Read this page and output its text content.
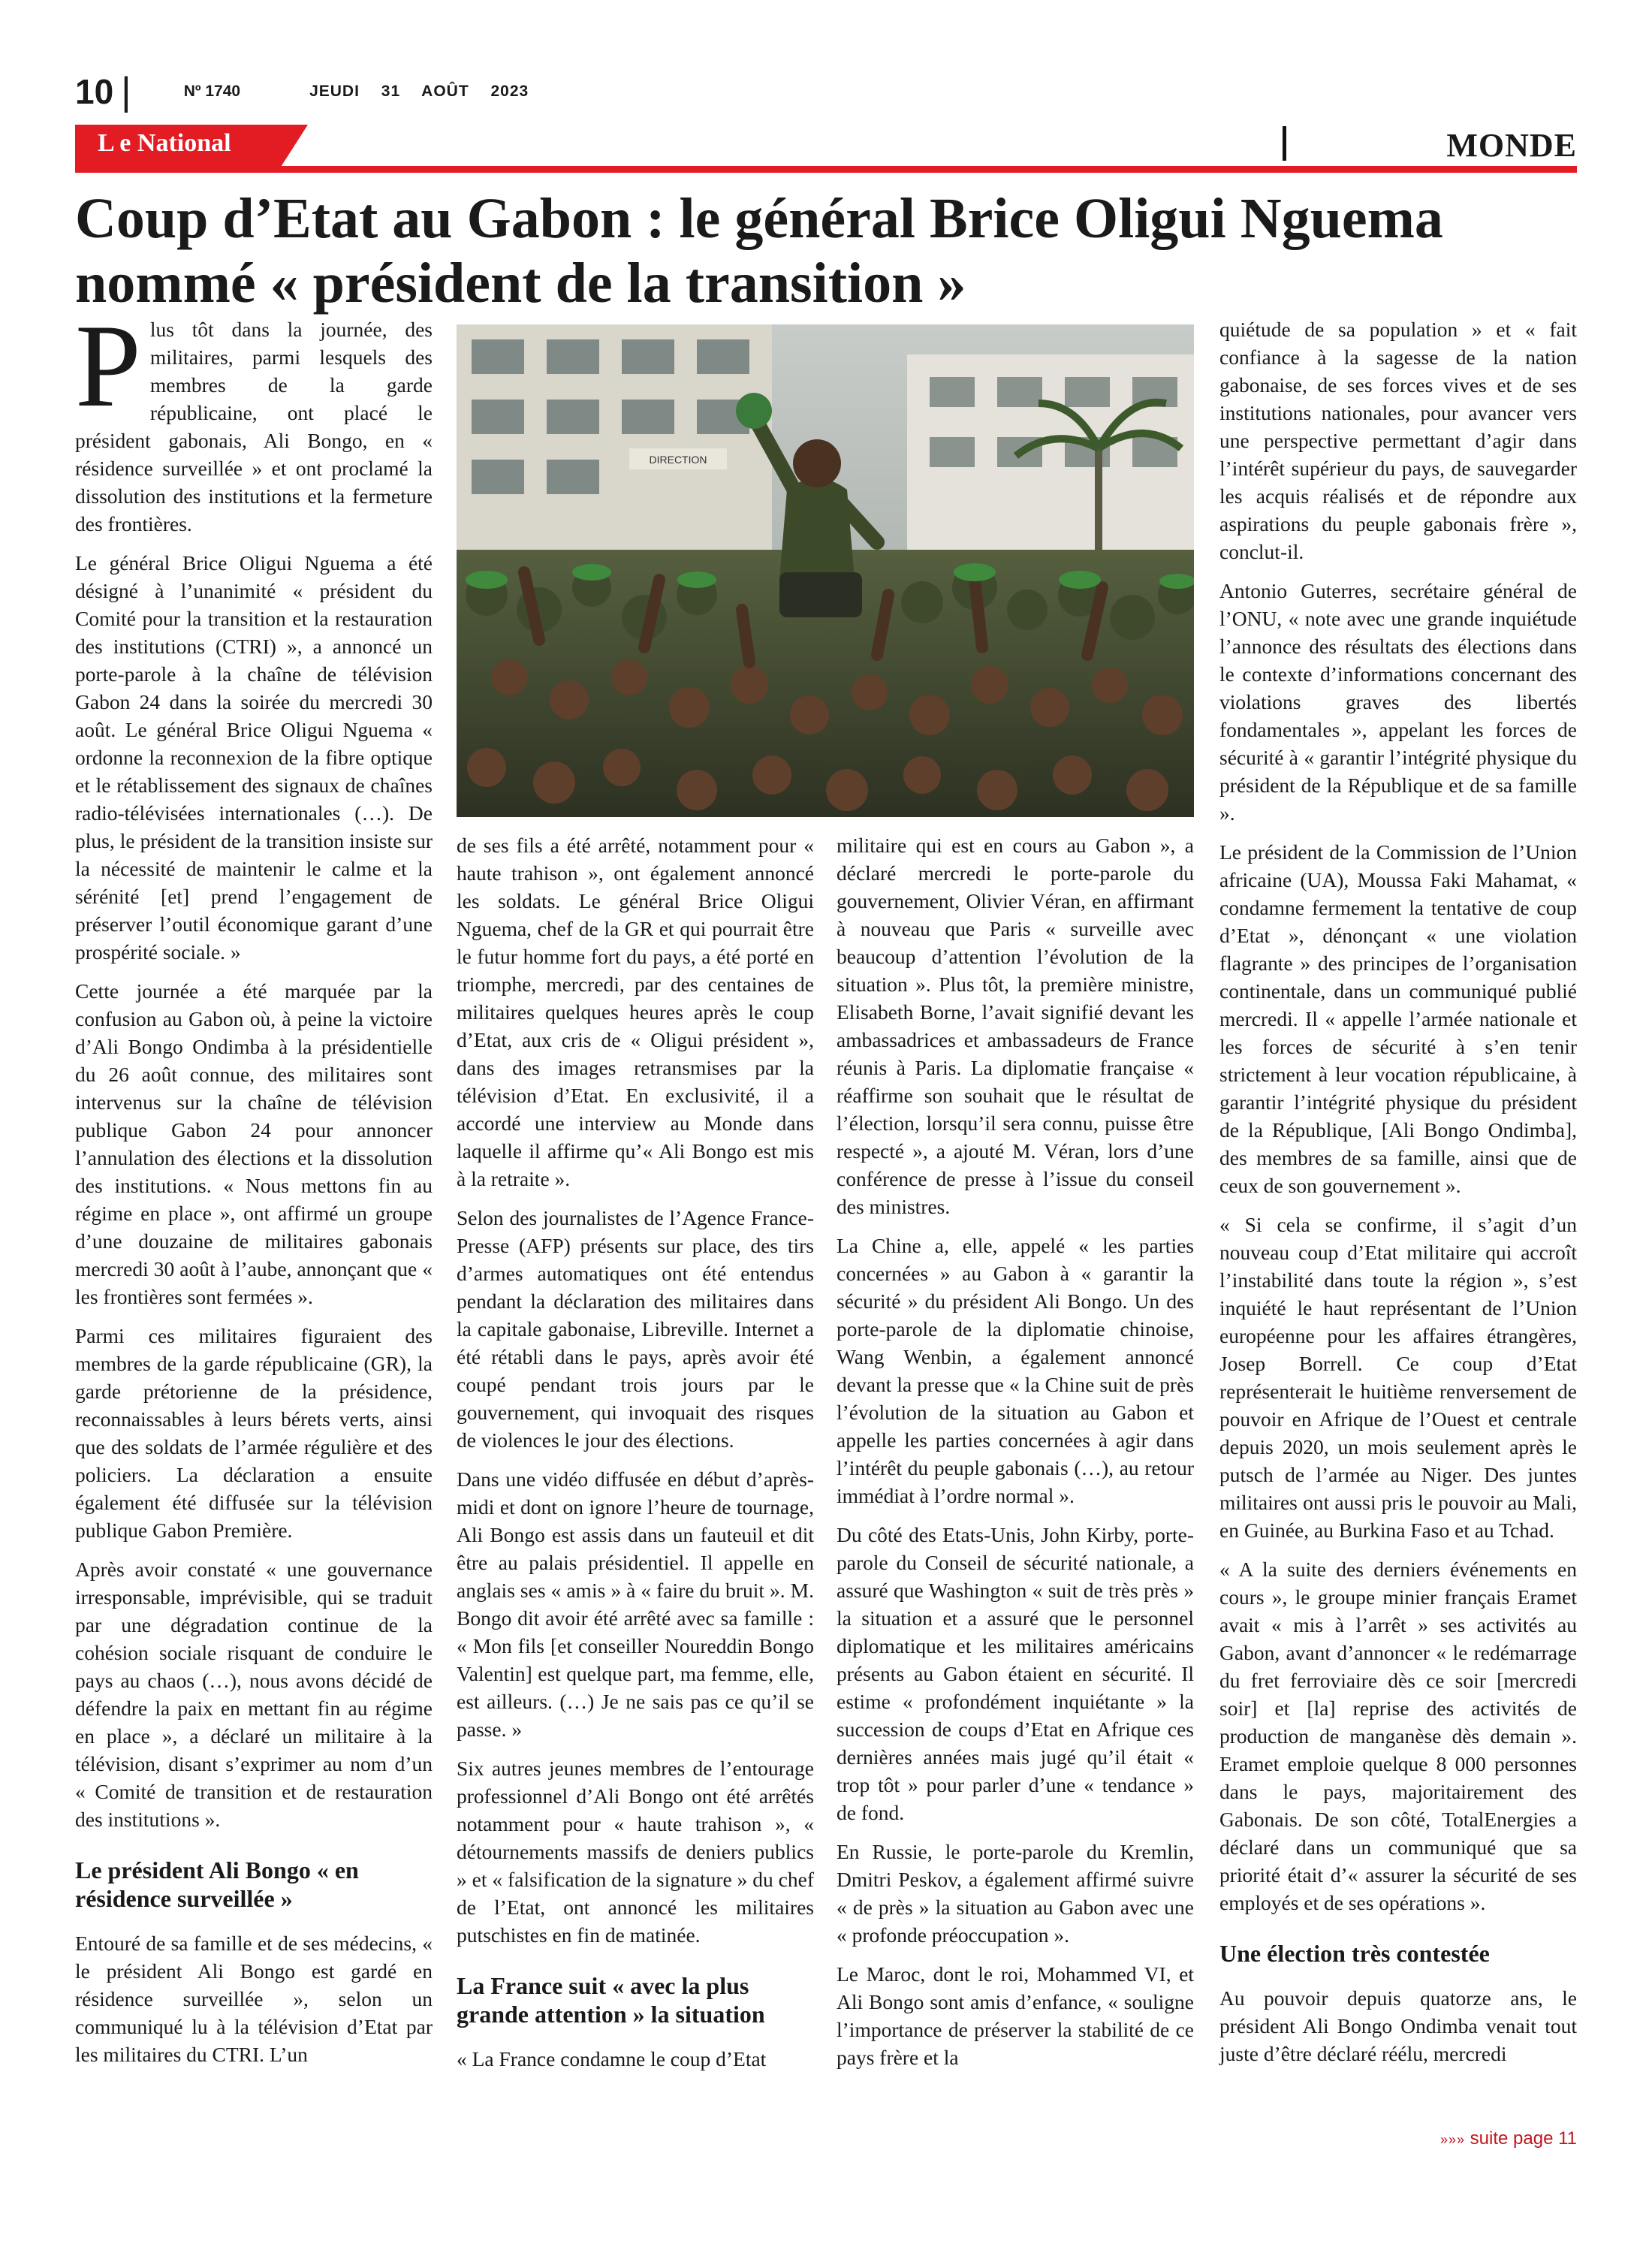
10 |	Nº 1740	JEUDI 31 AOÛT 2023
L e National	MONDE
Coup d’Etat au Gabon : le général Brice Oligui Nguema nommé « président de la transition »

Plus tôt dans la journée, des militaires, parmi lesquels des membres de la garde républicaine, ont placé le président gabonais, Ali Bongo, en « résidence surveillée » et ont proclamé la dissolution des institutions et la fermeture des frontières.

Le général Brice Oligui Nguema a été désigné à l’unanimité « président du Comité pour la transition et la restauration des institutions (CTRI) », a annoncé un porte-parole à la chaîne de télévision Gabon 24 dans la soirée du mercredi 30 août. Le général Brice Oligui Nguema « ordonne la reconnexion de la fibre optique et le rétablissement des signaux de chaînes radio-télévisées internationales (…). De plus, le président de la transition insiste sur la nécessité de maintenir le calme et la sérénité [et] prend l’engagement de préserver l’outil économique garant d’une prospérité sociale. »

Cette journée a été marquée par la confusion au Gabon où, à peine la victoire d’Ali Bongo Ondimba à la présidentielle du 26 août connue, des militaires sont intervenus sur la chaîne de télévision publique Gabon 24 pour annoncer l’annulation des élections et la dissolution des institutions. « Nous mettons fin au régime en place », ont affirmé un groupe d’une douzaine de militaires gabonais mercredi 30 août à l’aube, annonçant que « les frontières sont fermées ».

Parmi ces militaires figuraient des membres de la garde républicaine (GR), la garde prétorienne de la présidence, reconnaissables à leurs bérets verts, ainsi que des soldats de l’armée régulière et des policiers. La déclaration a ensuite également été diffusée sur la télévision publique Gabon Première.

Après avoir constaté « une gouvernance irresponsable, imprévisible, qui se traduit par une dégradation continue de la cohésion sociale risquant de conduire le pays au chaos (…), nous avons décidé de défendre la paix en mettant fin au régime en place », a déclaré un militaire à la télévision, disant s’exprimer au nom d’un « Comité de transition et de restauration des institutions ».

Le président Ali Bongo « en résidence surveillée »

Entouré de sa famille et de ses médecins, « le président Ali Bongo est gardé en résidence surveillée », selon un communiqué lu à la télévision d’Etat par les militaires du CTRI. L’un

DIRECTION

de ses fils a été arrêté, notamment pour « haute trahison », ont également annoncé les soldats. Le général Brice Oligui Nguema, chef de la GR et qui pourrait être le futur homme fort du pays, a été porté en triomphe, mercredi, par des centaines de militaires quelques heures après le coup d’Etat, aux cris de « Oligui président », dans des images retransmises par la télévision d’Etat. En exclusivité, il a accordé une interview au Monde dans laquelle il affirme qu’« Ali Bongo est mis à la retraite ».

Selon des journalistes de l’Agence France-Presse (AFP) présents sur place, des tirs d’armes automatiques ont été entendus pendant la déclaration des militaires dans la capitale gabonaise, Libreville. Internet a été rétabli dans le pays, après avoir été coupé pendant trois jours par le gouvernement, qui invoquait des risques de violences le jour des élections.

Dans une vidéo diffusée en début d’après-midi et dont on ignore l’heure de tournage, Ali Bongo est assis dans un fauteuil et dit être au palais présidentiel. Il appelle en anglais ses « amis » à « faire du bruit ». M. Bongo dit avoir été arrêté avec sa famille : « Mon fils [et conseiller Noureddin Bongo Valentin] est quelque part, ma femme, elle, est ailleurs. (…) Je ne sais pas ce qu’il se passe. »

Six autres jeunes membres de l’entourage professionnel d’Ali Bongo ont été arrêtés notamment pour « haute trahison », « détournements massifs de deniers publics » et « falsification de la signature » du chef de l’Etat, ont annoncé les militaires putschistes en fin de matinée.

La France suit « avec la plus grande attention » la situation

« La France condamne le coup d’Etat

militaire qui est en cours au Gabon », a déclaré mercredi le porte-parole du gouvernement, Olivier Véran, en affirmant à nouveau que Paris « surveille avec beaucoup d’attention l’évolution de la situation ». Plus tôt, la première ministre, Elisabeth Borne, l’avait signifié devant les ambassadrices et ambassadeurs de France réunis à Paris. La diplomatie française « réaffirme son souhait que le résultat de l’élection, lorsqu’il sera connu, puisse être respecté », a ajouté M. Véran, lors d’une conférence de presse à l’issue du conseil des ministres.

La Chine a, elle, appelé « les parties concernées » au Gabon à « garantir la sécurité » du président Ali Bongo. Un des porte-parole de la diplomatie chinoise, Wang Wenbin, a également annoncé devant la presse que « la Chine suit de près l’évolution de la situation au Gabon et appelle les parties concernées à agir dans l’intérêt du peuple gabonais (…), au retour immédiat à l’ordre normal ».

Du côté des Etats-Unis, John Kirby, porte-parole du Conseil de sécurité nationale, a assuré que Washington « suit de très près » la situation et a assuré que le personnel diplomatique et les militaires américains présents au Gabon étaient en sécurité. Il estime « profondément inquiétante » la succession de coups d’Etat en Afrique ces dernières années mais jugé qu’il était « trop tôt » pour parler d’une « tendance » de fond.

En Russie, le porte-parole du Kremlin, Dmitri Peskov, a également affirmé suivre « de près » la situation au Gabon avec une « profonde préoccupation ».

Le Maroc, dont le roi, Mohammed VI, et Ali Bongo sont amis d’enfance, « souligne l’importance de préserver la stabilité de ce pays frère et la

quiétude de sa population » et « fait confiance à la sagesse de la nation gabonaise, de ses forces vives et de ses institutions nationales, pour avancer vers une perspective permettant d’agir dans l’intérêt supérieur du pays, de sauvegarder les acquis réalisés et de répondre aux aspirations du peuple gabonais frère », conclut-il.

Antonio Guterres, secrétaire général de l’ONU, « note avec une grande inquiétude l’annonce des résultats des élections dans le contexte d’informations concernant des violations graves des libertés fondamentales », appelant les forces de sécurité à « garantir l’intégrité physique du président de la République et de sa famille ».

Le président de la Commission de l’Union africaine (UA), Moussa Faki Mahamat, « condamne fermement la tentative de coup d’Etat », dénonçant « une violation flagrante » des principes de l’organisation continentale, dans un communiqué publié mercredi. Il « appelle l’armée nationale et les forces de sécurité à s’en tenir strictement à leur vocation républicaine, à garantir l’intégrité physique du président de la République, [Ali Bongo Ondimba], des membres de sa famille, ainsi que de ceux de son gouvernement ».

« Si cela se confirme, il s’agit d’un nouveau coup d’Etat militaire qui accroît l’instabilité dans toute la région », s’est inquiété le haut représentant de l’Union européenne pour les affaires étrangères, Josep Borrell. Ce coup d’Etat représenterait le huitième renversement de pouvoir en Afrique de l’Ouest et centrale depuis 2020, un mois seulement après le putsch de l’armée au Niger. Des juntes militaires ont aussi pris le pouvoir au Mali, en Guinée, au Burkina Faso et au Tchad.

« A la suite des derniers événements en cours », le groupe minier français Eramet avait « mis à l’arrêt » ses activités au Gabon, avant d’annoncer « le redémarrage du fret ferroviaire dès ce soir [mercredi soir] et [la] reprise des activités de production de manganèse dès demain ». Eramet emploie quelque 8 000 personnes dans le pays, majoritairement des Gabonais. De son côté, TotalEnergies a déclaré dans un communiqué que sa priorité était d’« assurer la sécurité de ses employés et de ses opérations ».

Une élection très contestée

Au pouvoir depuis quatorze ans, le président Ali Bongo Ondimba venait tout juste d’être déclaré réélu, mercredi

»»» suite page 11
